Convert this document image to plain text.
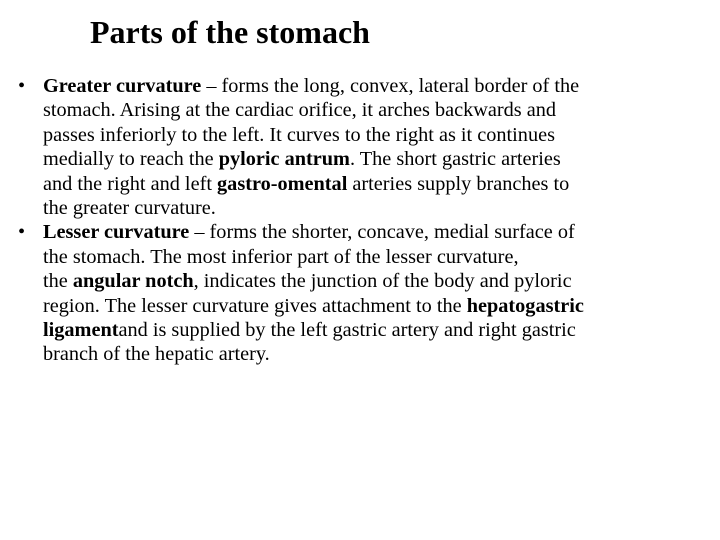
Parts of the stomach
• Greater curvature – forms the long, convex, lateral border of the
stomach. Arising at the cardiac orifice, it arches backwards and
passes inferiorly to the left. It curves to the right as it continues
medially to reach the pyloric antrum. The short gastric arteries
and the right and left gastro-omental arteries supply branches to
the greater curvature.
• Lesser curvature – forms the shorter, concave, medial surface of
the stomach. The most inferior part of the lesser curvature,
the angular notch, indicates the junction of the body and pyloric
region. The lesser curvature gives attachment to the hepatogastric
ligamentand is supplied by the left gastric artery and right gastric
branch of the hepatic artery.
